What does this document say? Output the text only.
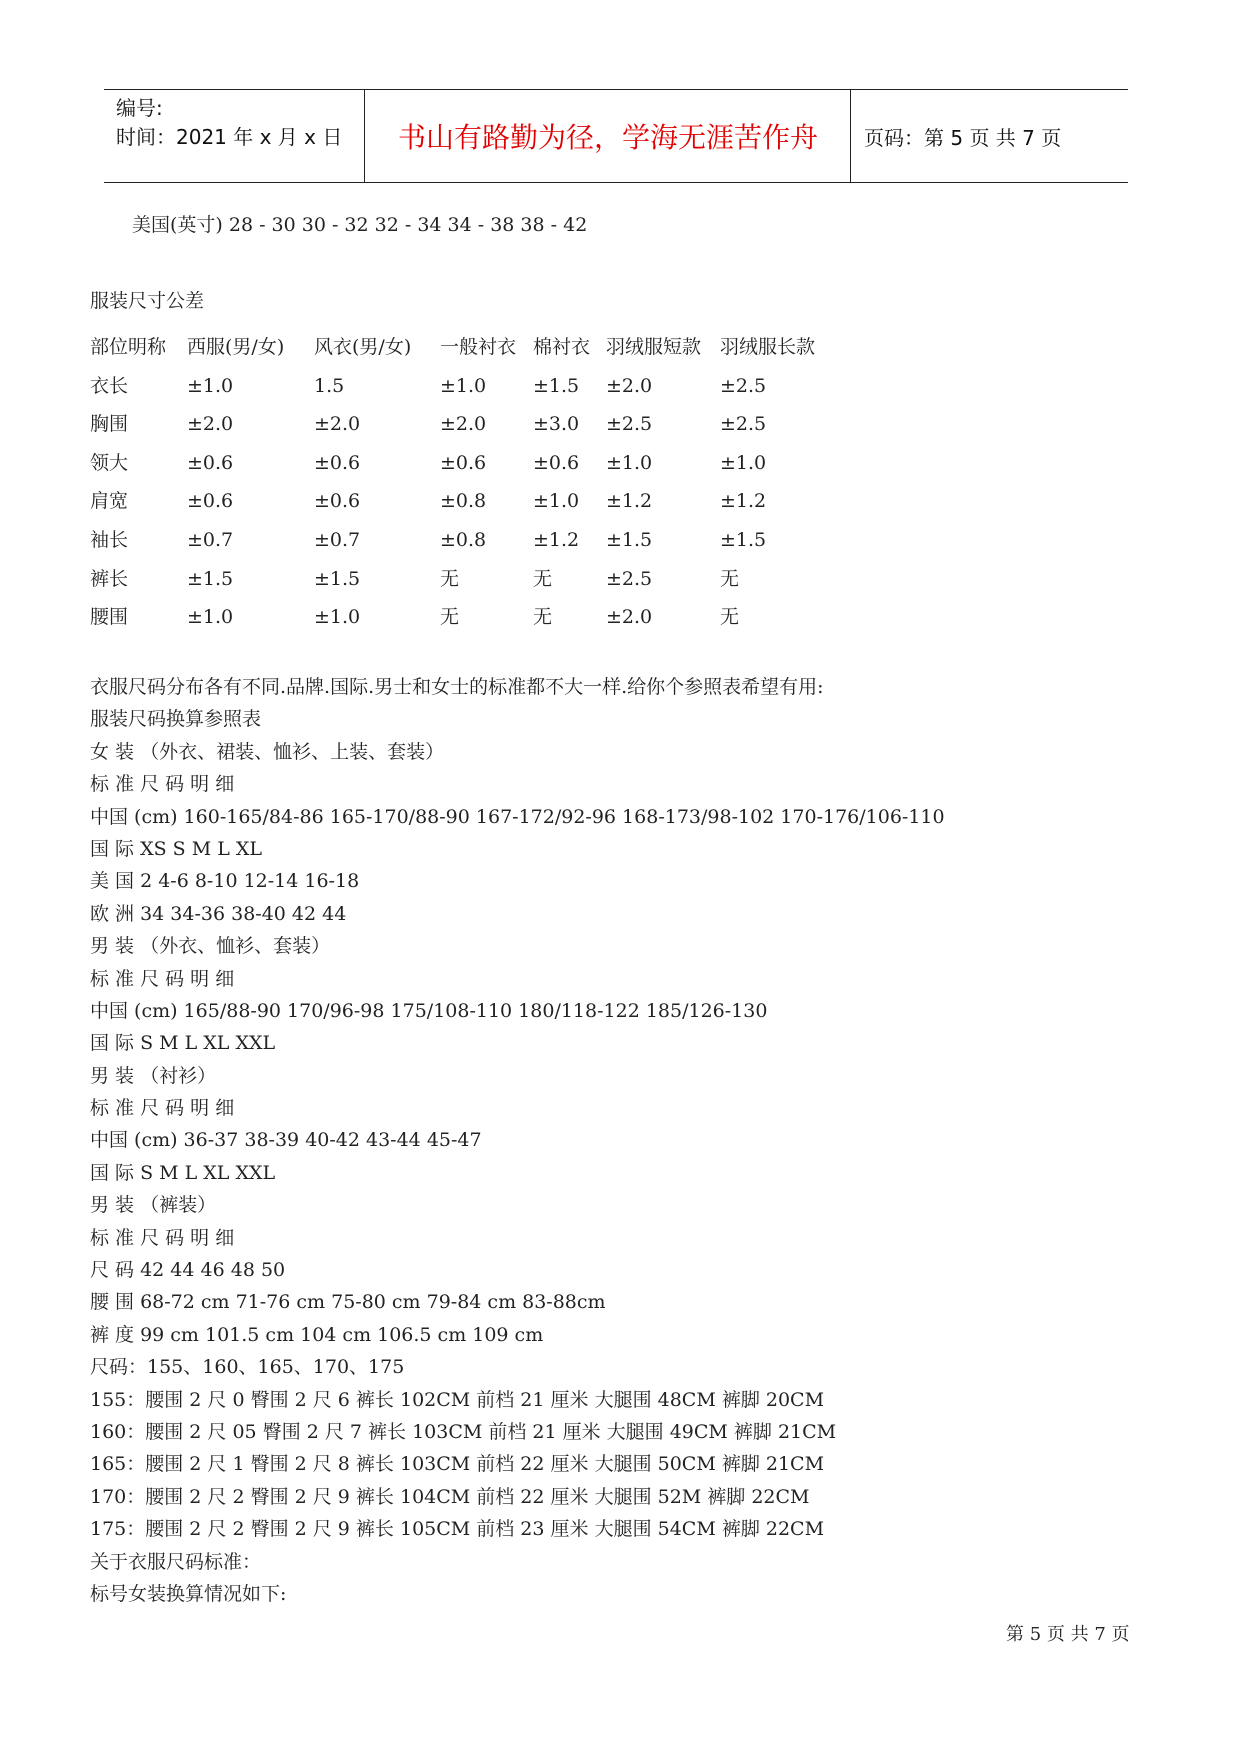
编号:
时间：2021 年 x 月 x 日	书山有路勤为径，学海无涯苦作舟	页码：第 5 页 共 7 页
美国(英寸) 28 - 30 30 - 32 32 - 34 34 - 38 38 - 42
服装尺寸公差
部位明称 西服(男/女) 风衣(男/女) 一般衬衣 棉衬衣 羽绒服短款 羽绒服长款
衣长	±1.0	1.5	±1.0 ±1.5 ±2.0	±2.5
胸围	±2.0	±2.0	±2.0 ±3.0 ±2.5	±2.5
领大	±0.6	±0.6	±0.6 ±0.6 ±1.0	±1.0
肩宽	±0.6	±0.6	±0.8 ±1.0 ±1.2	±1.2
袖长	±0.7	±0.7	±0.8 ±1.2 ±1.5	±1.5
裤长	±1.5	±1.5	无	无	±2.5	无
腰围	±1.0	±1.0	无	无	±2.0	无
衣服尺码分布各有不同.品牌.国际.男士和女士的标准都不大一样.给你个参照表希望有用:
服装尺码换算参照表
女 装 （外衣、裙装、恤衫、上装、套装）
标 准 尺 码 明 细
中国 (cm) 160-165/84-86 165-170/88-90 167-172/92-96 168-173/98-102 170-176/106-110
国 际 XS S M L XL
美 国 2 4-6 8-10 12-14 16-18
欧 洲 34 34-36 38-40 42 44
男 装 （外衣、恤衫、套装）
标 准 尺 码 明 细
中国 (cm) 165/88-90 170/96-98 175/108-110 180/118-122 185/126-130
国 际 S M L XL XXL
男 装 （衬衫）
标 准 尺 码 明 细
中国 (cm) 36-37 38-39 40-42 43-44 45-47
国 际 S M L XL XXL
男 装 （裤装）
标 准 尺 码 明 细
尺 码 42 44 46 48 50
腰 围 68-72 cm 71-76 cm 75-80 cm 79-84 cm 83-88cm
裤 度 99 cm 101.5 cm 104 cm 106.5 cm 109 cm
尺码：155、160、165、170、175
155：腰围 2 尺 0 臀围 2 尺 6 裤长 102CM 前档 21 厘米 大腿围 48CM 裤脚 20CM
160：腰围 2 尺 05 臀围 2 尺 7 裤长 103CM 前档 21 厘米 大腿围 49CM 裤脚 21CM
165：腰围 2 尺 1 臀围 2 尺 8 裤长 103CM 前档 22 厘米 大腿围 50CM 裤脚 21CM
170：腰围 2 尺 2 臀围 2 尺 9 裤长 104CM 前档 22 厘米 大腿围 52M 裤脚 22CM
175：腰围 2 尺 2 臀围 2 尺 9 裤长 105CM 前档 23 厘米 大腿围 54CM 裤脚 22CM
关于衣服尺码标准：
标号女装换算情况如下:
第 5 页 共 7 页
